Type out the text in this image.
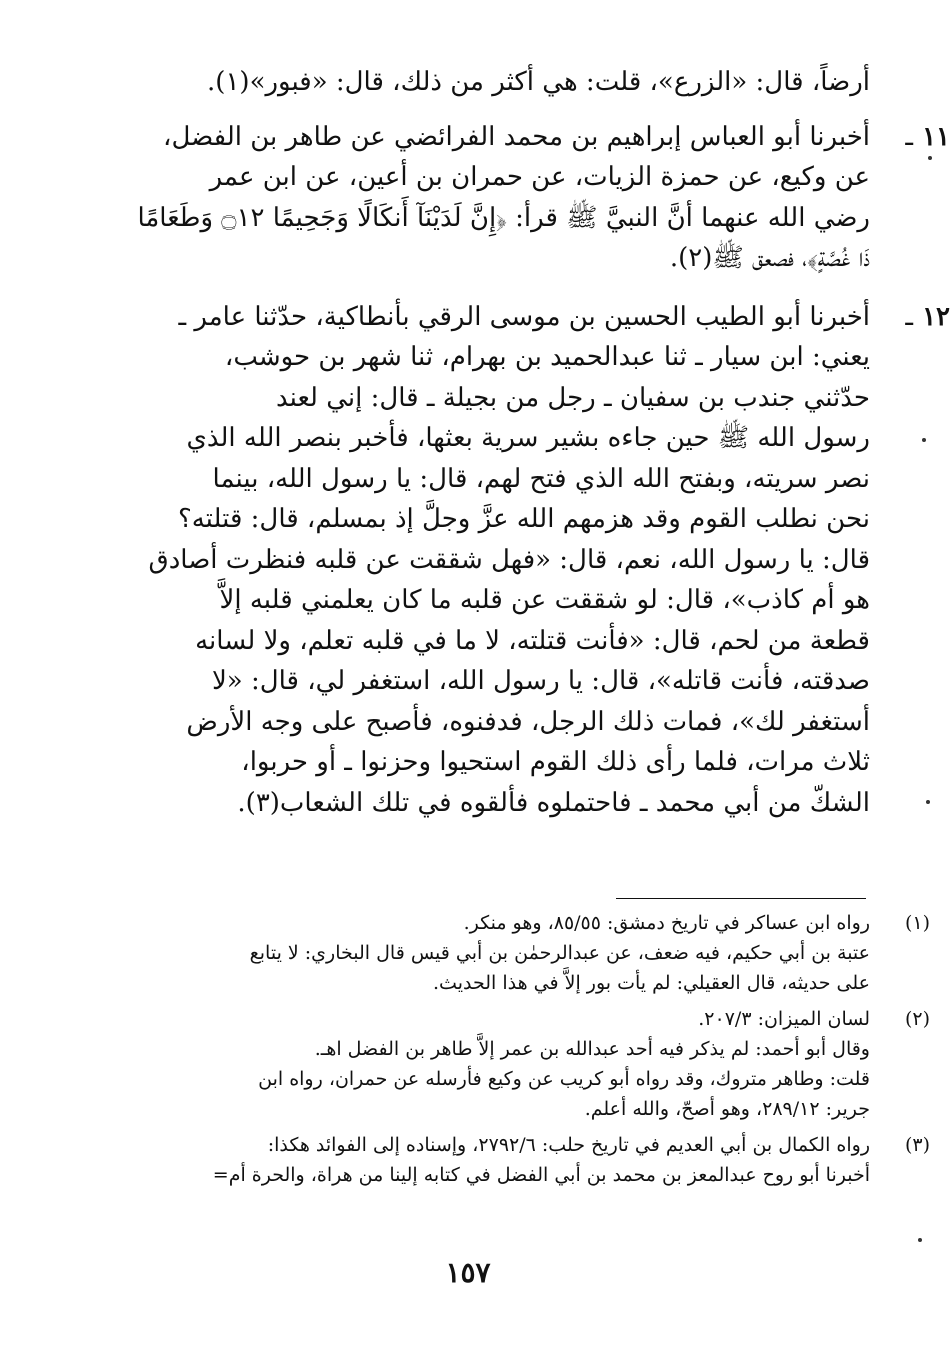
أرضاً، قال: «الزرع»، قلت: هي أكثر من ذلك، قال: «فبور»(١).

١١ ـ
أخبرنا أبو العباس إبراهيم بن محمد الفرائضي عن طاهر بن الفضل،
عن وكيع، عن حمزة الزيات، عن حمران بن أعين، عن ابن عمر
رضي الله عنهما أنَّ النبيَّ ﷺ قرأ: ﴿إِنَّ لَدَيْنَآ أَنكَالًا وَجَحِيمًا ۝١٢ وَطَعَامًا
ذَا غُصَّةٍ﴾، فصعق ﷺ(٢).
١٢ ـ
أخبرنا أبو الطيب الحسين بن موسى الرقي بأنطاكية، حدّثنا عامر ـ
يعني: ابن سيار ـ ثنا عبدالحميد بن بهرام، ثنا شهر بن حوشب،
حدّثني جندب بن سفيان ـ رجل من بجيلة ـ قال: إني لعند
رسول الله ﷺ حين جاءه بشير سرية بعثها، فأخبر بنصر الله الذي
نصر سريته، وبفتح الله الذي فتح لهم، قال: يا رسول الله، بينما
نحن نطلب القوم وقد هزمهم الله عزَّ وجلَّ إذ بمسلم، قال: قتلته؟
قال: يا رسول الله، نعم، قال: «فهل شققت عن قلبه فنظرت أصادق
هو أم كاذب»، قال: لو شققت عن قلبه ما كان يعلمني قلبه إلاَّ
قطعة من لحم، قال: «فأنت قتلته، لا ما في قلبه تعلم، ولا لسانه
صدقته، فأنت قاتله»، قال: يا رسول الله، استغفر لي، قال: «لا
أستغفر لك»، فمات ذلك الرجل، فدفنوه، فأصبح على وجه الأرض
ثلاث مرات، فلما رأى ذلك القوم استحيوا وحزنوا ـ أو حربوا،
الشكّ من أبي محمد ـ فاحتملوه فألقوه في تلك الشعاب(٣).
(١)
رواه ابن عساكر في تاريخ دمشق: ٨٥/٥٥، وهو منكر.
عتبة بن أبي حكيم، فيه ضعف، عن عبدالرحمٰن بن أبي قيس قال البخاري: لا يتابع
على حديثه، قال العقيلي: لم يأت بور إلاَّ في هذا الحديث.
(٢)
لسان الميزان: ٢٠٧/٣.
وقال أبو أحمد: لم يذكر فيه أحد عبدالله بن عمر إلاَّ طاهر بن الفضل اهـ.
قلت: وطاهر متروك، وقد رواه أبو كريب عن وكيع فأرسله عن حمران، رواه ابن
جرير: ٢٨٩/١٢، وهو أصحّ، والله أعلم.
(٣)
رواه الكمال بن أبي العديم في تاريخ حلب: ٢٧٩٢/٦، وإسناده إلى الفوائد هكذا:
أخبرنا أبو روح عبدالمعز بن محمد بن أبي الفضل في كتابه إلينا من هراة، والحرة أم=
١٥٧
